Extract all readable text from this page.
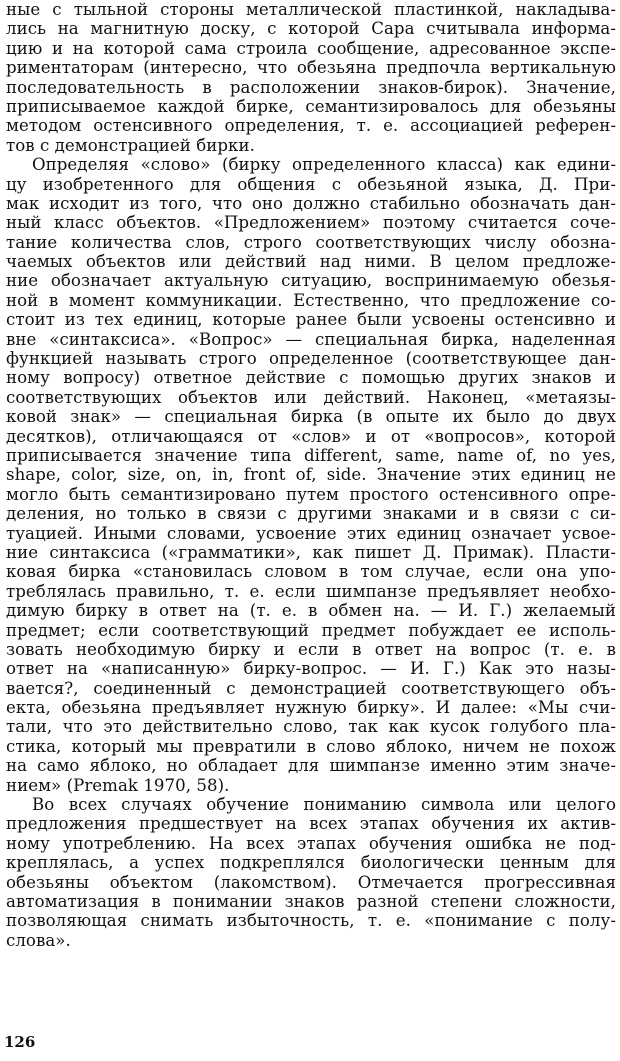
ные с тыльной стороны металлической пластинкой, накладыва-
лись на магнитную доску, с которой Сара считывала информа-
цию и на которой сама строила сообщение, адресованное экспе-
риментаторам (интересно, что обезьяна предпочла вертикальную
последовательность в расположении знаков-бирок). Значение,
приписываемое каждой бирке, семантизировалось для обезьяны
методом остенсивного определения, т. е. ассоциацией референ-
тов с демонстрацией бирки.
Определяя «слово» (бирку определенного класса) как едини-
цу изобретенного для общения с обезьяной языка, Д. При-
мак исходит из того, что оно должно стабильно обозначать дан-
ный класс объектов. «Предложением» поэтому считается соче-
тание количества слов, строго соответствующих числу обозна-
чаемых объектов или действий над ними. В целом предложе-
ние обозначает актуальную ситуацию, воспринимаемую обезья-
ной в момент коммуникации. Естественно, что предложение со-
стоит из тех единиц, которые ранее были усвоены остенсивно и
вне «синтаксиса». «Вопрос» — специальная бирка, наделенная
функцией называть строго определенное (соответствующее дан-
ному вопросу) ответное действие с помощью других знаков и
соответствующих объектов или действий. Наконец, «метаязы-
ковой знак» — специальная бирка (в опыте их было до двух
десятков), отличающаяся от «слов» и от «вопросов», которой
приписывается значение типа different, same, name of, no yes,
shape, color, size, on, in, front of, side. Значение этих единиц не
могло быть семантизировано путем простого остенсивного опре-
деления, но только в связи с другими знаками и в связи с си-
туацией. Иными словами, усвоение этих единиц означает усвое-
ние синтаксиса («грамматики», как пишет Д. Примак). Пласти-
ковая бирка «становилась словом в том случае, если она упо-
треблялась правильно, т. е. если шимпанзе предъявляет необхо-
димую бирку в ответ на (т. е. в обмен на. — И. Г.) желаемый
предмет; если соответствующий предмет побуждает ее исполь-
зовать необходимую бирку и если в ответ на вопрос (т. е. в
ответ на «написанную» бирку-вопрос. — И. Г.) Как это назы-
вается?, соединенный с демонстрацией соответствующего объ-
екта, обезьяна предъявляет нужную бирку». И далее: «Мы счи-
тали, что это действительно слово, так как кусок голубого пла-
стика, который мы превратили в слово яблоко, ничем не похож
на само яблоко, но обладает для шимпанзе именно этим значе-
нием» (Premak 1970, 58).
Во всех случаях обучение пониманию символа или целого
предложения предшествует на всех этапах обучения их актив-
ному употреблению. На всех этапах обучения ошибка не под-
креплялась, а успех подкреплялся биологически ценным для
обезьяны объектом (лакомством). Отмечается прогрессивная
автоматизация в понимании знаков разной степени сложности,
позволяющая снимать избыточность, т. е. «понимание с полу-
слова».
126
